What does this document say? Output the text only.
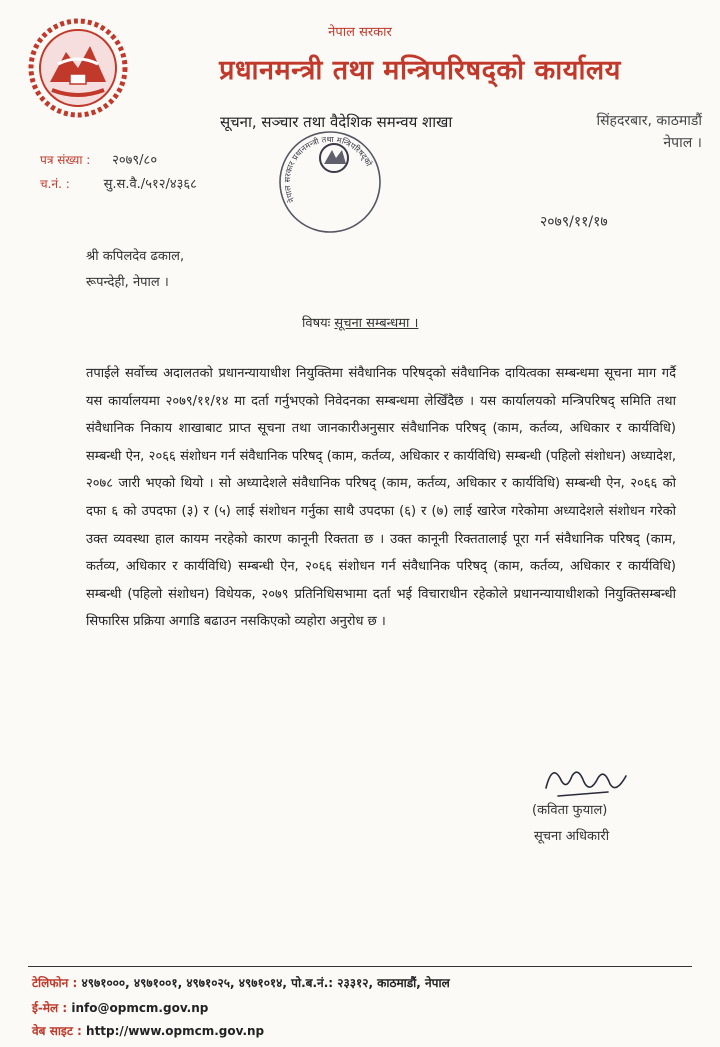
नेपाल सरकार
प्रधानमन्त्री तथा मन्त्रिपरिषद्को कार्यालय
सूचना, सञ्चार तथा वैदेशिक समन्वय शाखा	सिंहदरबार, काठमाडौं
नेपाल ।
पत्र संख्या : २०७९/८०
च.नं. :	सु.स.वै./५१२/४३६८
नेपाल सरकार प्रधानमन्त्री तथा मन्त्रिपरिषद्को
२०७९/११/१७
श्री कपिलदेव ढकाल,
रूपन्देही, नेपाल ।
विषयः सूचना सम्बन्धमा ।
तपाईले सर्वोच्च अदालतको प्रधानन्यायाधीश नियुक्तिमा संवैधानिक परिषद्को संवैधानिक दायित्वका सम्बन्धमा सूचना माग गर्दै यस कार्यालयमा २०७९/११/१४ मा दर्ता गर्नुभएको निवेदनका सम्बन्धमा लेखिँदैछ । यस कार्यालयको मन्त्रिपरिषद् समिति तथा संवैधानिक निकाय शाखाबाट प्राप्त सूचना तथा जानकारीअनुसार संवैधानिक परिषद् (काम, कर्तव्य, अधिकार र कार्यविधि) सम्बन्धी ऐन, २०६६ संशोधन गर्न संवैधानिक परिषद् (काम, कर्तव्य, अधिकार र कार्यविधि) सम्बन्धी (पहिलो संशोधन) अध्यादेश, २०७८ जारी भएको थियो । सो अध्यादेशले संवैधानिक परिषद् (काम, कर्तव्य, अधिकार र कार्यविधि) सम्बन्धी ऐन, २०६६ को दफा ६ को उपदफा (३) र (५) लाई संशोधन गर्नुका साथै उपदफा (६) र (७) लाई खारेज गरेकोमा अध्यादेशले संशोधन गरेको उक्त व्यवस्था हाल कायम नरहेको कारण कानूनी रिक्तता छ । उक्त कानूनी रिक्ततालाई पूरा गर्न संवैधानिक परिषद् (काम, कर्तव्य, अधिकार र कार्यविधि) सम्बन्धी ऐन, २०६६ संशोधन गर्न संवैधानिक परिषद् (काम, कर्तव्य, अधिकार र कार्यविधि) सम्बन्धी (पहिलो संशोधन) विधेयक, २०७९ प्रतिनिधिसभामा दर्ता भई विचाराधीन रहेकोले प्रधानन्यायाधीशको नियुक्तिसम्बन्धी सिफारिस प्रक्रिया अगाडि बढाउन नसकिएको व्यहोरा अनुरोध छ ।
(कविता फुयाल)
सूचना अधिकारी
टेलिफोन : ४९७१०००, ४९७१००१, ४९७१०२५, ४९७१०१४, पो.ब.नं.: २३३१२, काठमाडौं, नेपाल
ई-मेल : info@opmcm.gov.np
वेब साइट : http://www.opmcm.gov.np
